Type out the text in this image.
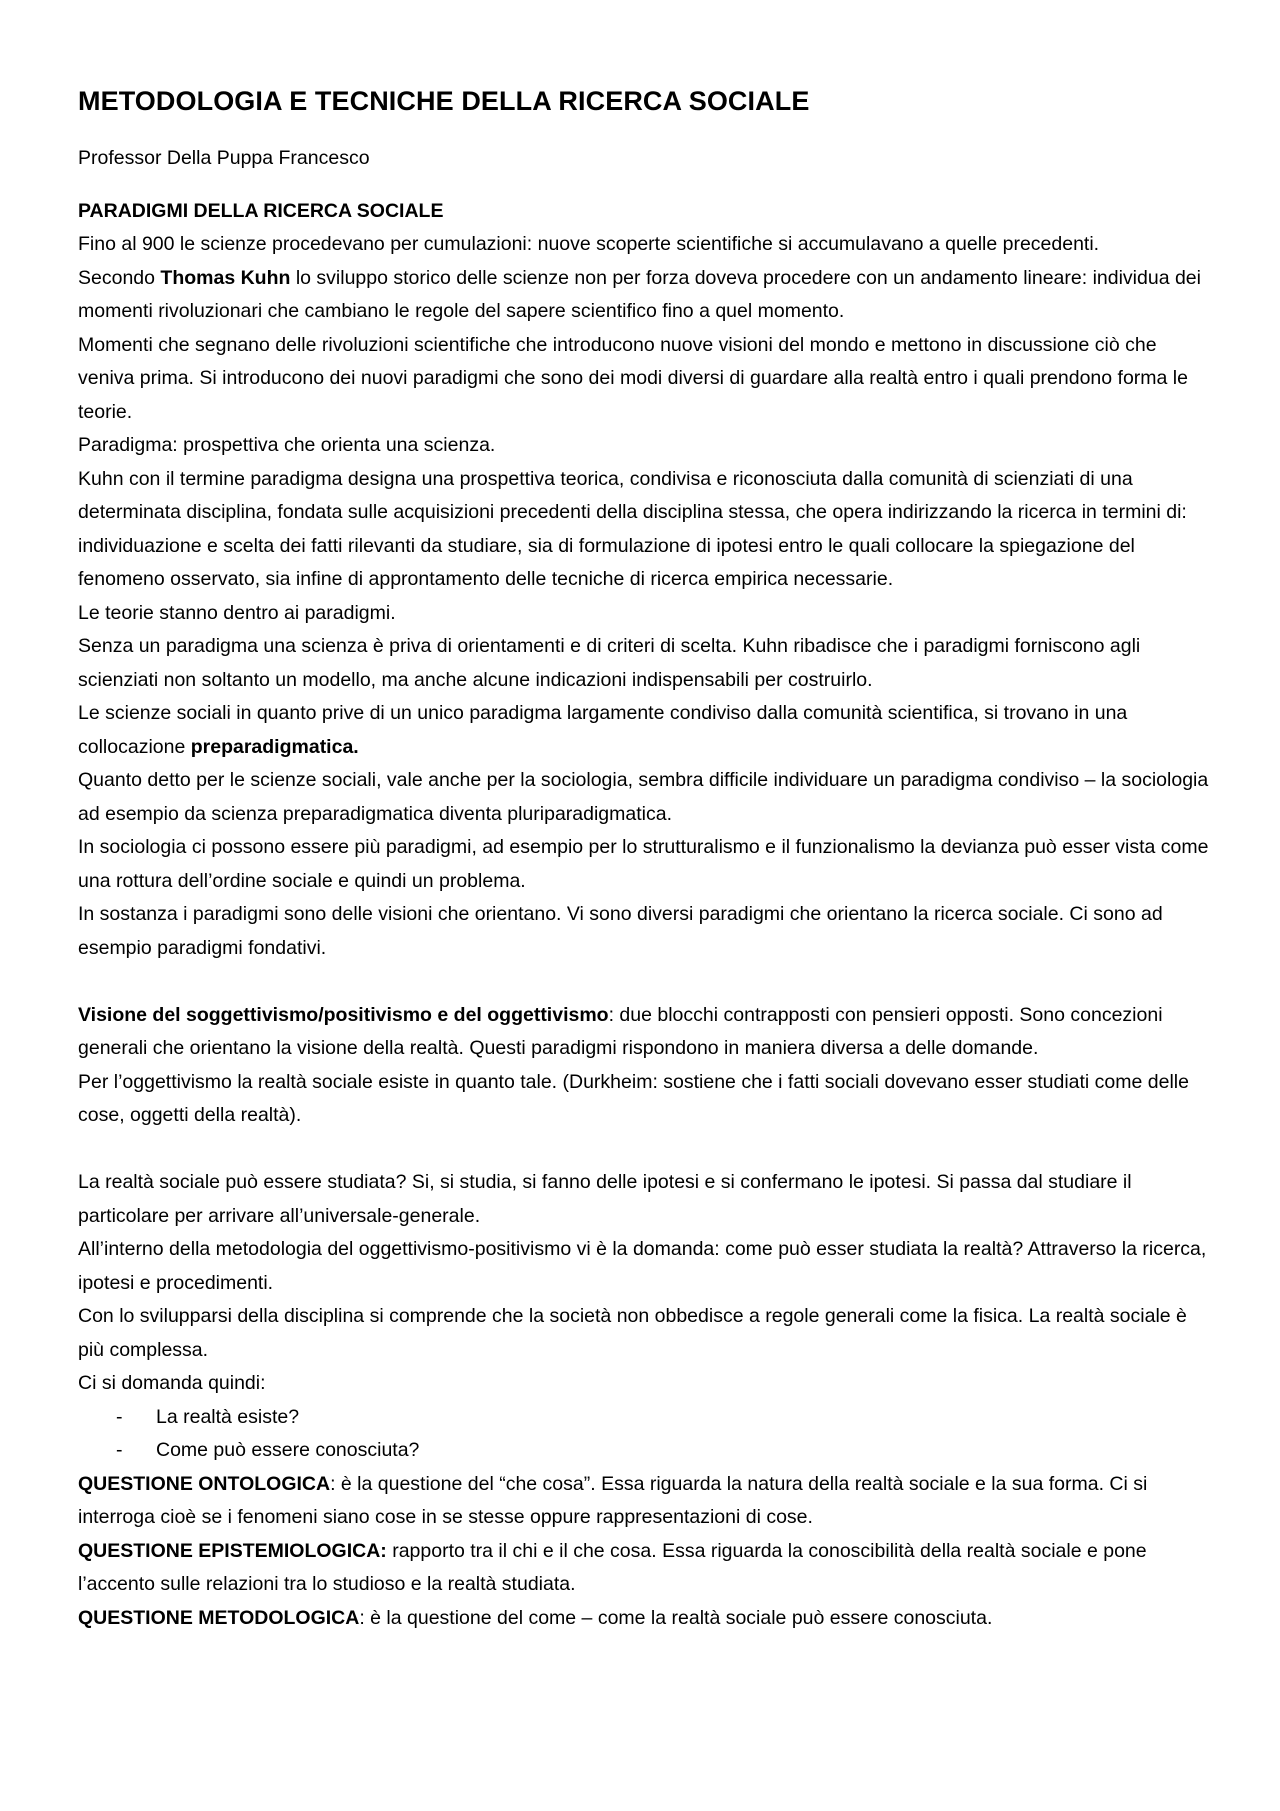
METODOLOGIA E TECNICHE DELLA RICERCA SOCIALE

Professor Della Puppa Francesco

PARADIGMI DELLA RICERCA SOCIALE

Fino al 900 le scienze procedevano per cumulazioni: nuove scoperte scientifiche si accumulavano a quelle precedenti.

Secondo Thomas Kuhn lo sviluppo storico delle scienze non per forza doveva procedere con un andamento lineare: individua dei momenti rivoluzionari che cambiano le regole del sapere scientifico fino a quel momento.

Momenti che segnano delle rivoluzioni scientifiche che introducono nuove visioni del mondo e mettono in discussione ciò che veniva prima. Si introducono dei nuovi paradigmi che sono dei modi diversi di guardare alla realtà entro i quali prendono forma le teorie.

Paradigma: prospettiva che orienta una scienza.

Kuhn con il termine paradigma designa una prospettiva teorica, condivisa e riconosciuta dalla comunità di scienziati di una determinata disciplina, fondata sulle acquisizioni precedenti della disciplina stessa, che opera indirizzando la ricerca in termini di: individuazione e scelta dei fatti rilevanti da studiare, sia di formulazione di ipotesi entro le quali collocare la spiegazione del fenomeno osservato, sia infine di approntamento delle tecniche di ricerca empirica necessarie.

Le teorie stanno dentro ai paradigmi.

Senza un paradigma una scienza è priva di orientamenti e di criteri di scelta. Kuhn ribadisce che i paradigmi forniscono agli scienziati non soltanto un modello, ma anche alcune indicazioni indispensabili per costruirlo.

Le scienze sociali in quanto prive di un unico paradigma largamente condiviso dalla comunità scientifica, si trovano in una collocazione preparadigmatica.

Quanto detto per le scienze sociali, vale anche per la sociologia, sembra difficile individuare un paradigma condiviso – la sociologia ad esempio da scienza preparadigmatica diventa pluriparadigmatica.

In sociologia ci possono essere più paradigmi, ad esempio per lo strutturalismo e il funzionalismo la devianza può esser vista come una rottura dell’ordine sociale e quindi un problema.

In sostanza i paradigmi sono delle visioni che orientano. Vi sono diversi paradigmi che orientano la ricerca sociale. Ci sono ad esempio paradigmi fondativi.

Visione del soggettivismo/positivismo e del oggettivismo: due blocchi contrapposti con pensieri opposti. Sono concezioni generali che orientano la visione della realtà. Questi paradigmi rispondono in maniera diversa a delle domande.

Per l’oggettivismo la realtà sociale esiste in quanto tale. (Durkheim: sostiene che i fatti sociali dovevano esser studiati come delle cose, oggetti della realtà).

La realtà sociale può essere studiata? Si, si studia, si fanno delle ipotesi e si confermano le ipotesi. Si passa dal studiare il particolare per arrivare all’universale-generale.

All’interno della metodologia del oggettivismo-positivismo vi è la domanda: come può esser studiata la realtà? Attraverso la ricerca, ipotesi e procedimenti.

Con lo svilupparsi della disciplina si comprende che la società non obbedisce a regole generali come la fisica. La realtà sociale è più complessa.

Ci si domanda quindi:

- La realtà esiste?
- Come può essere conosciuta?

QUESTIONE ONTOLOGICA: è la questione del “che cosa”. Essa riguarda la natura della realtà sociale e la sua forma. Ci si interroga cioè se i fenomeni siano cose in se stesse oppure rappresentazioni di cose.

QUESTIONE EPISTEMIOLOGICA: rapporto tra il chi e il che cosa. Essa riguarda la conoscibilità della realtà sociale e pone l’accento sulle relazioni tra lo studioso e la realtà studiata.

QUESTIONE METODOLOGICA: è la questione del come – come la realtà sociale può essere conosciuta.
